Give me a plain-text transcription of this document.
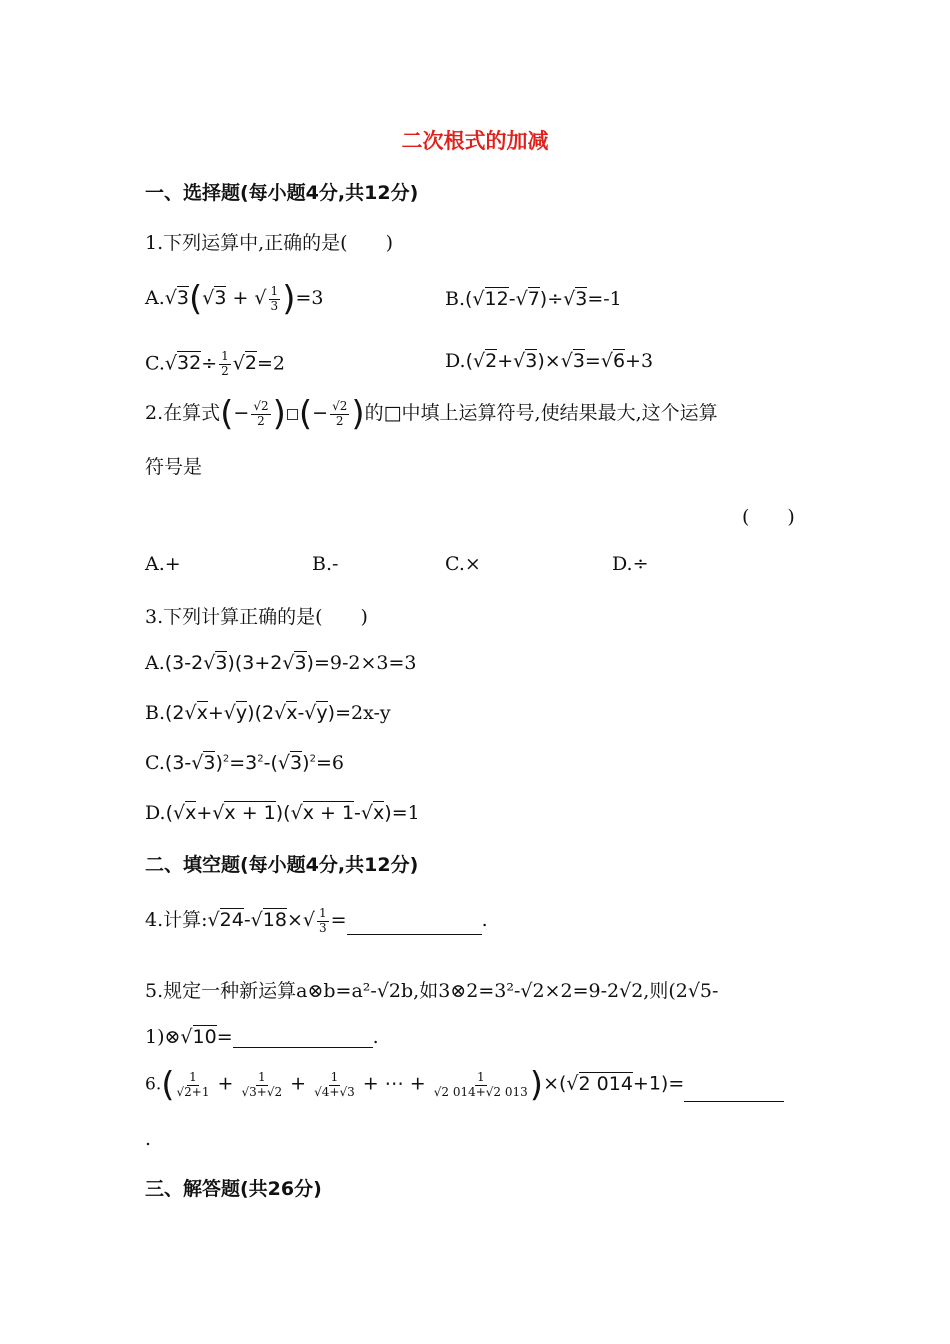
二次根式的加减
一、选择题(每小题4分,共12分)
1.下列运算中,正确的是(　　)
A.√3(√3 + √ $\frac{1}{3} )=3$	B.(√12-√7)÷√3=-1
$C.√32\div \frac{1}{2} √2=2$	D.(√2+√3)×√3=√6+3
2.在算式(− $\frac{√2}{2}$ ) (− $\frac{√2}{2}$ )的□中填上运算符号,使结果最大,这个运算
符号是
(　　)
A.+	B.-	C.×	D.÷
3.下列计算正确的是(　　)
A.(3-2√3)(3+2√3)=9-2×3=3
B.(2√x+√y)(2√x-√y)=2x-y
$C.(3-√3)^2=3^2-(√3)^2=6$
D.(√x+√x + 1)(√x + 1-√x)=1
二、填空题(每小题4分,共12分)
4.计算:√24-√18×√ $\frac{1}{3}$ =	.
5.规定一种新运算a⊗b=a²-√2b,如3⊗2=3²-√2×2=9-2√2,则(2√5-
1)⊗√10=	.
$6.( \frac{1}{√2+1} + \frac{1}{√3+√2} + \frac{1}{√4+√3}$ + ⋯ + $\frac{1}{√2 014+√2 013} )\times(√2$ 014+1)=
.
三、解答题(共26分)
